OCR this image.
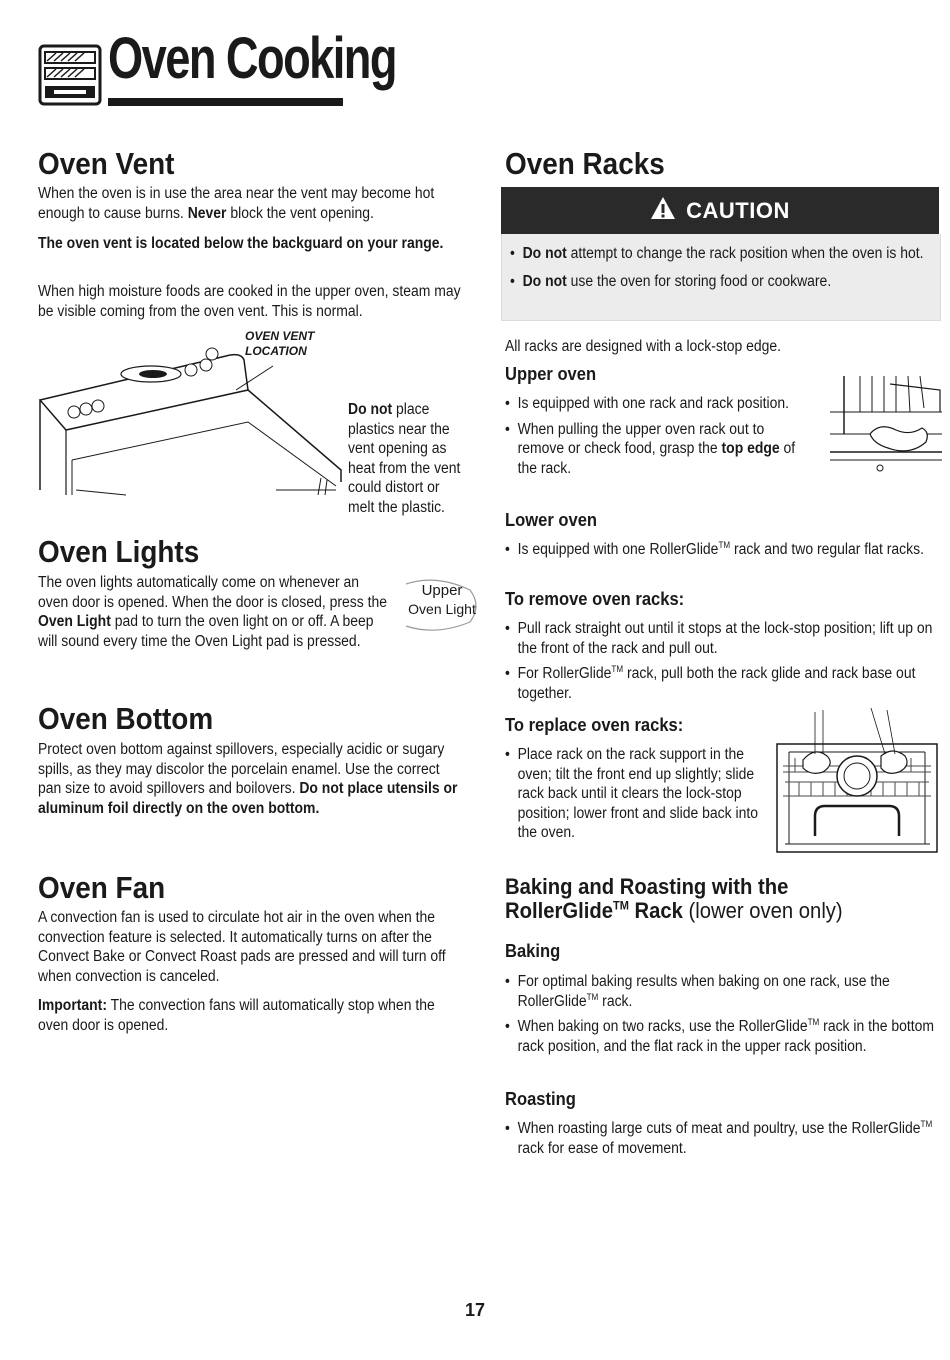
Oven Cooking
Oven Vent
When the oven is in use the area near the vent may become hot enough to cause burns. Never block the vent opening.
The oven vent is located below the backguard on your range.
When high moisture foods are cooked in the upper oven, steam may be visible coming from the oven vent. This is normal.
OVEN VENT
LOCATION
Do not place plastics near the vent opening as heat from the vent could distort or melt the plastic.
Oven Lights
The oven lights automatically come on whenever an oven door is opened. When the door is closed, press the Oven Light pad to turn the oven light on or off. A beep will sound every time the Oven Light pad is pressed.
Upper
Oven Light
Oven Bottom
Protect oven bottom against spillovers, especially acidic or sugary spills, as they may discolor the porcelain enamel. Use the correct pan size to avoid spillovers and boilovers. Do not place utensils or aluminum foil directly on the oven bottom.
Oven Fan
A convection fan is used to circulate hot air in the oven when the convection feature is selected. It automatically turns on after the Convect Bake or Convect Roast pads are pressed and will turn off when convection is canceled.
Important: The convection fans will automatically stop when the oven door is opened.
Oven Racks
CAUTION
• Do not attempt to change the rack position when the oven is hot.
• Do not use the oven for storing food or cookware.
All racks are designed with a lock-stop edge.
Upper oven
• Is equipped with one rack and rack position.
• When pulling the upper oven rack out to remove or check food, grasp the top edge of the rack.
Lower oven
• Is equipped with one RollerGlide™ rack and two regular flat racks.
To remove oven racks:
• Pull rack straight out until it stops at the lock-stop position; lift up on the front of the rack and pull out.
• For RollerGlide™ rack, pull both the rack glide and rack base out together.
To replace oven racks:
• Place rack on the rack support in the oven; tilt the front end up slightly; slide rack back until it clears the lock-stop position; lower front and slide back into the oven.
Baking and Roasting with the
RollerGlide™ Rack (lower oven only)
Baking
• For optimal baking results when baking on one rack, use the RollerGlide™ rack.
• When baking on two racks, use the RollerGlide™ rack in the bottom rack position, and the flat rack in the upper rack position.
Roasting
• When roasting large cuts of meat and poultry, use the RollerGlide™ rack for ease of movement.
17
